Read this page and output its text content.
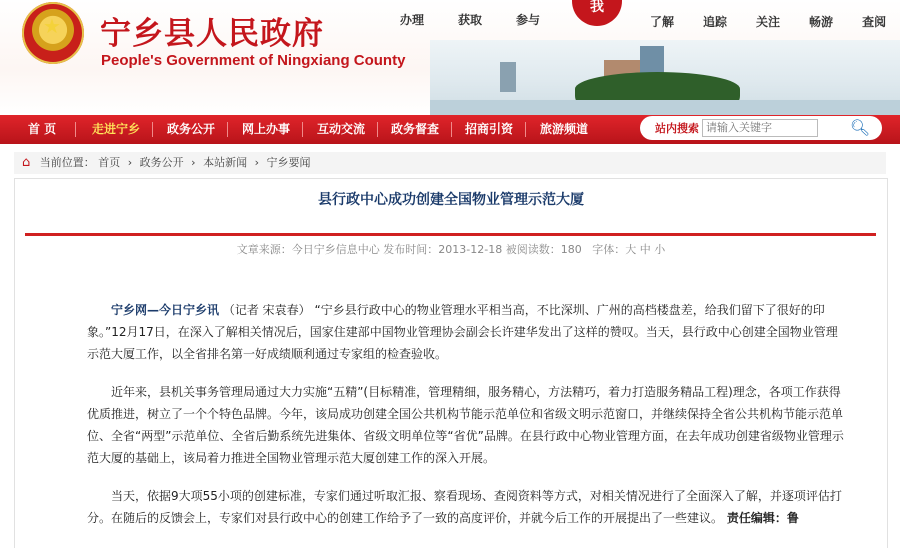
★ 宁乡县人民政府
People's Government of Ningxiang County
办理	获取	参与
我
了解 追踪 关注 畅游 查阅
首 页	走进宁乡 政务公开 网上办事 互动交流 政务督查 招商引资 旅游频道	站内搜索
请输入关键字	🔍︎
⌂ 当前位置： 首页 › 政务公开 › 本站新闻 › 宁乡要闻
县行政中心成功创建全国物业管理示范大厦
文章来源：今日宁乡信息中心 发布时间：2013-12-18 被阅读数：180 字体：大 中 小

宁乡网—今日宁乡讯 （记者 宋袁春） “宁乡县行政中心的物业管理水平相当高，不比深圳、广州的高档楼盘差，给我们留下了很好的印象。”12月17日，在深入了解相关情况后，国家住建部中国物业管理协会副会长许建华发出了这样的赞叹。当天，县行政中心创建全国物业管理示范大厦工作，以全省排名第一好成绩顺利通过专家组的检查验收。

近年来，县机关事务管理局通过大力实施“五精”(目标精准，管理精细，服务精心，方法精巧，着力打造服务精品工程)理念，各项工作获得优质推进，树立了一个个特色品牌。今年，该局成功创建全国公共机构节能示范单位和省级文明示范窗口，并继续保持全省公共机构节能示范单位、全省“两型”示范单位、全省后勤系统先进集体、省级文明单位等“省优”品牌。在县行政中心物业管理方面，在去年成功创建省级物业管理示范大厦的基础上，该局着力推进全国物业管理示范大厦创建工作的深入开展。

当天，依据9大项55小项的创建标准，专家们通过听取汇报、察看现场、查阅资料等方式，对相关情况进行了全面深入了解，并逐项评估打分。在随后的反馈会上，专家们对县行政中心的创建工作给予了一致的高度评价，并就今后工作的开展提出了一些建议。 责任编辑：鲁
